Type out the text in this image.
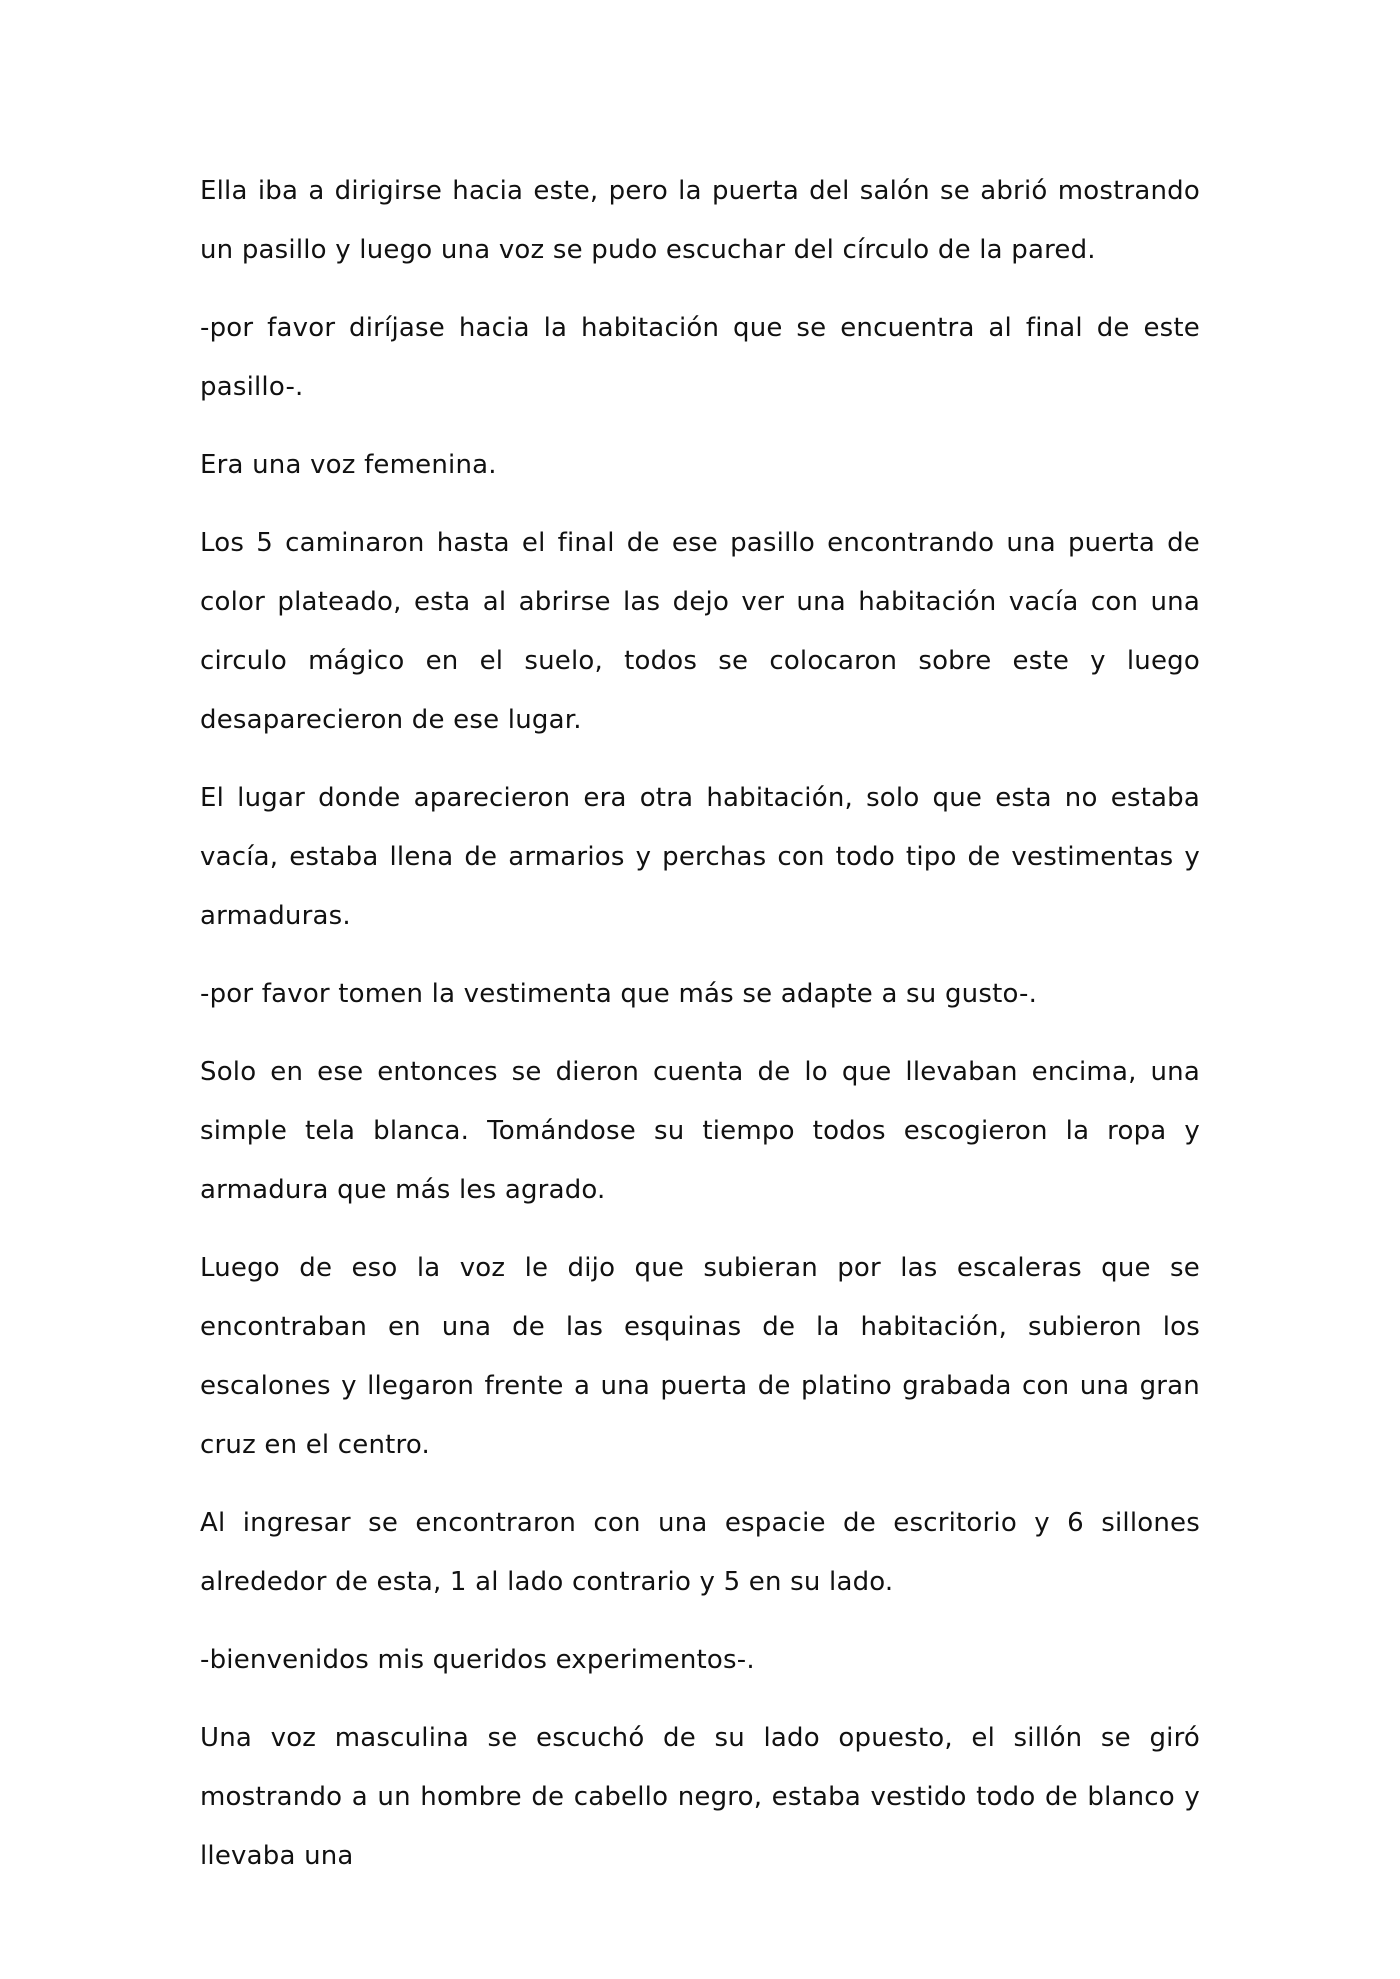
Ella iba a dirigirse hacia este, pero la puerta del salón se abrió mostrando un pasillo y luego una voz se pudo escuchar del círculo de la pared.

-por favor diríjase hacia la habitación que se encuentra al final de este pasillo-.

Era una voz femenina.

Los 5 caminaron hasta el final de ese pasillo encontrando una puerta de color plateado, esta al abrirse las dejo ver una habitación vacía con una circulo mágico en el suelo, todos se colocaron sobre este y luego desaparecieron de ese lugar.

El lugar donde aparecieron era otra habitación, solo que esta no estaba vacía, estaba llena de armarios y perchas con todo tipo de vestimentas y armaduras.

-por favor tomen la vestimenta que más se adapte a su gusto-.

Solo en ese entonces se dieron cuenta de lo que llevaban encima, una simple tela blanca. Tomándose su tiempo todos escogieron la ropa y armadura que más les agrado.

Luego de eso la voz le dijo que subieran por las escaleras que se encontraban en una de las esquinas de la habitación, subieron los escalones y llegaron frente a una puerta de platino grabada con una gran cruz en el centro.

Al ingresar se encontraron con una espacie de escritorio y 6 sillones alrededor de esta, 1 al lado contrario y 5 en su lado.

-bienvenidos mis queridos experimentos-.

Una voz masculina se escuchó de su lado opuesto, el sillón se giró mostrando a un hombre de cabello negro, estaba vestido todo de blanco y llevaba una
